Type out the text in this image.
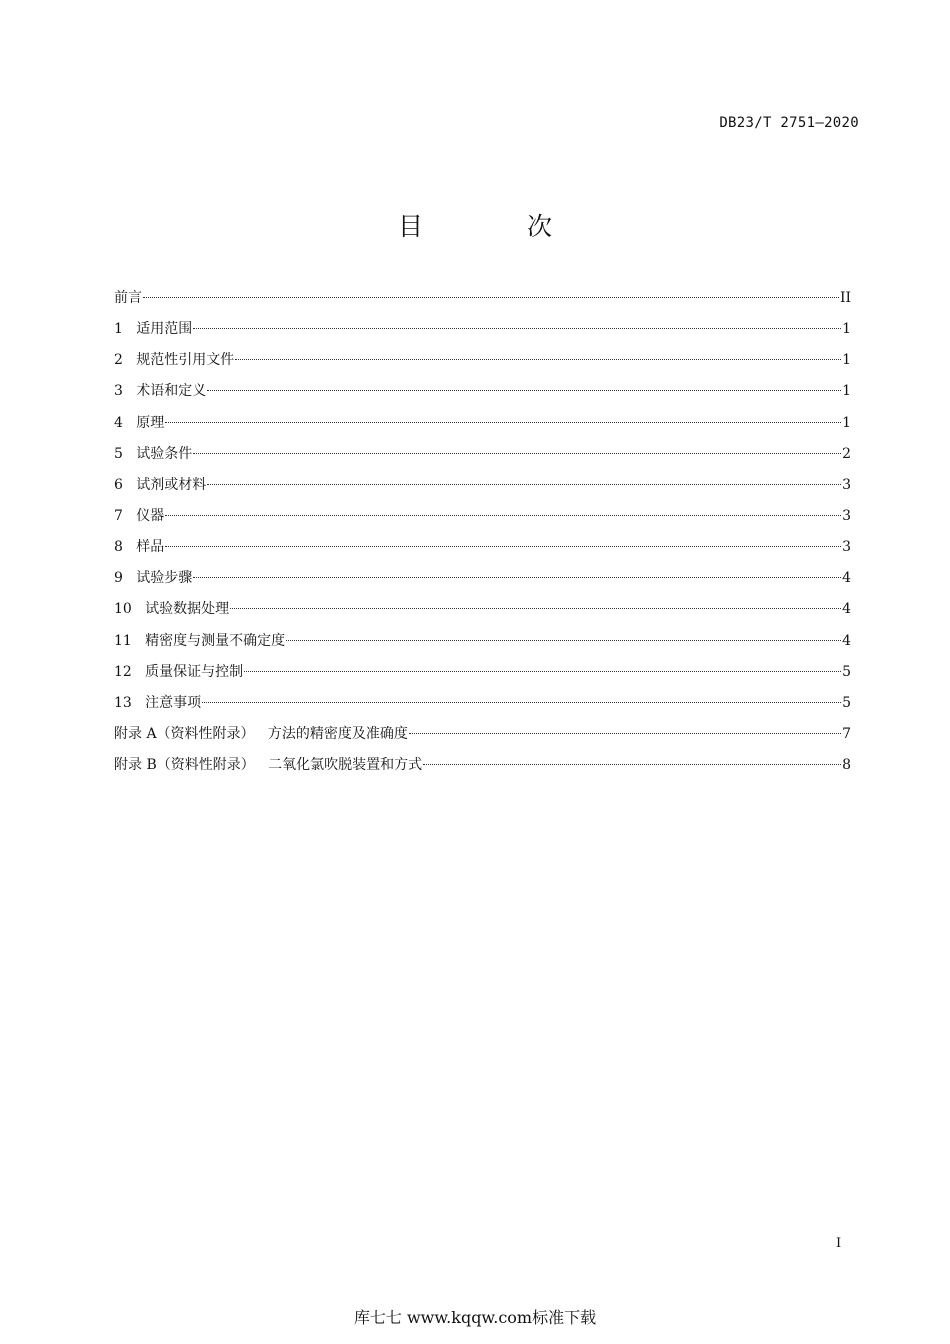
DB23/T 2751—2020
目 次
前言	II
1   适用范围	1
2   规范性引用文件	1
3   术语和定义	1
4   原理	1
5   试验条件	2
6   试剂或材料	3
7   仪器	3
8   样品	3
9   试验步骤	4
10   试验数据处理	4
11   精密度与测量不确定度	4
12   质量保证与控制	5
13   注意事项	5
附录 A（资料性附录）   方法的精密度及准确度	7
附录 B（资料性附录）   二氧化氯吹脱装置和方式	8
I
库七七 www.kqqw.com标准下载
